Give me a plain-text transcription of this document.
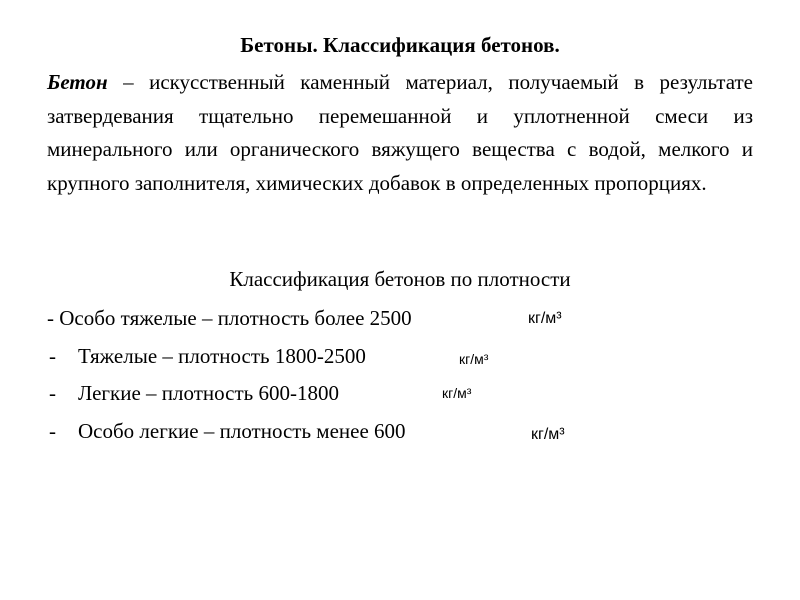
Бетоны. Классификация бетонов.

Бетон – искусственный каменный материал, получаемый в результате затвердевания тщательно перемешанной и уплотненной смеси из минерального или органического вяжущего вещества с водой, мелкого и крупного заполнителя, химических добавок в определенных пропорциях.

Классификация бетонов по плотности
- Особо тяжелые – плотность более 2500	кг/м³
-	Тяжелые – плотность 1800-2500	кг/м³
-	Легкие – плотность 600-1800	кг/м³
-	Особо легкие – плотность менее 600	кг/м³
